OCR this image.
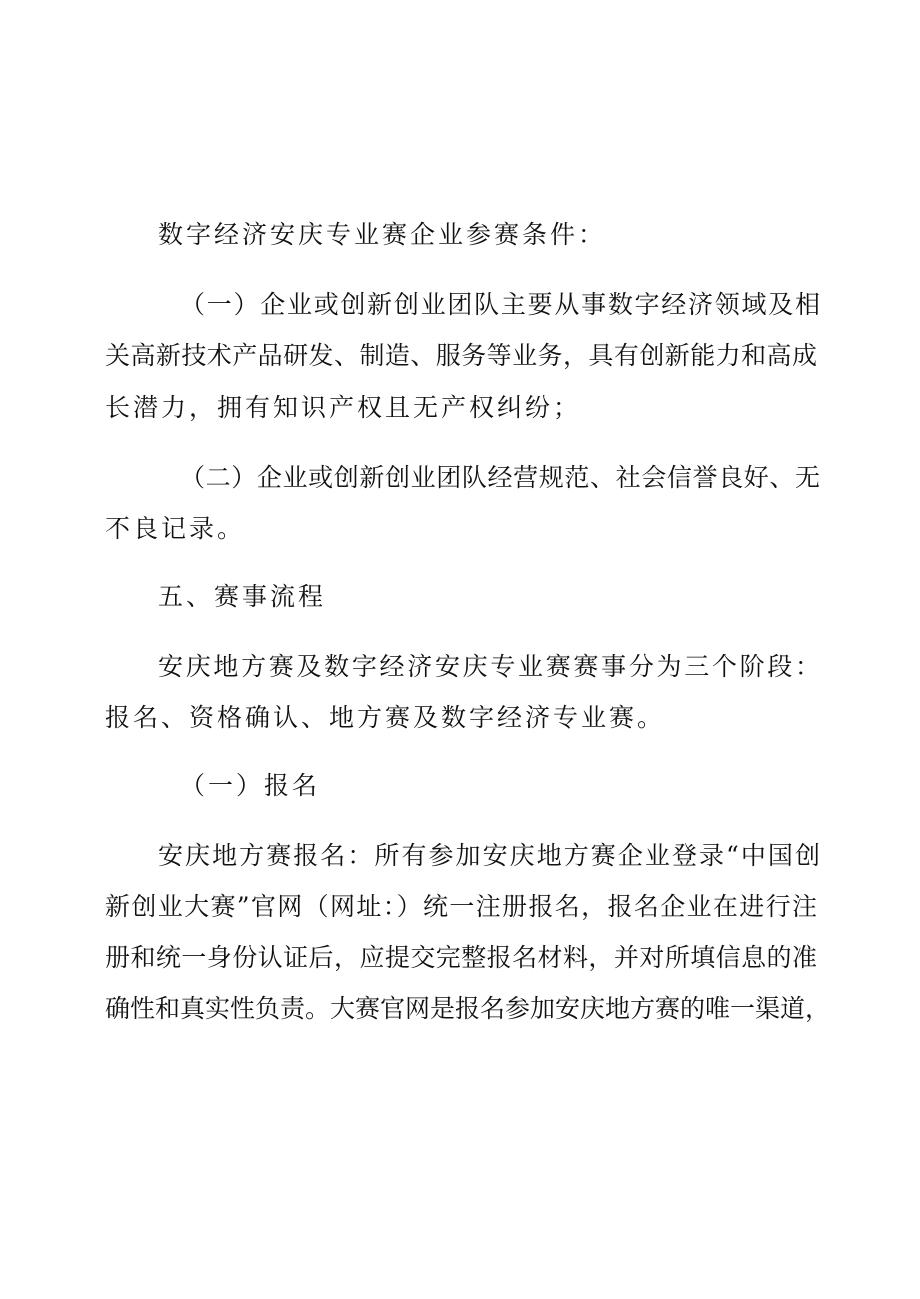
数字经济安庆专业赛企业参赛条件：
（一）企业或创新创业团队主要从事数字经济领域及相
关高新技术产品研发、制造、服务等业务，具有创新能力和高成
长潜力，拥有知识产权且无产权纠纷；
（二）企业或创新创业团队经营规范、社会信誉良好、无
不良记录。
五、赛事流程
安庆地方赛及数字经济安庆专业赛赛事分为三个阶段：
报名、资格确认、地方赛及数字经济专业赛。
（一）报名
安庆地方赛报名：所有参加安庆地方赛企业登录“中国创
新创业大赛”官网（网址：）统一注册报名，报名企业在进行注
册和统一身份认证后，应提交完整报名材料，并对所填信息的准
确性和真实性负责。大赛官网是报名参加安庆地方赛的唯一渠道，
